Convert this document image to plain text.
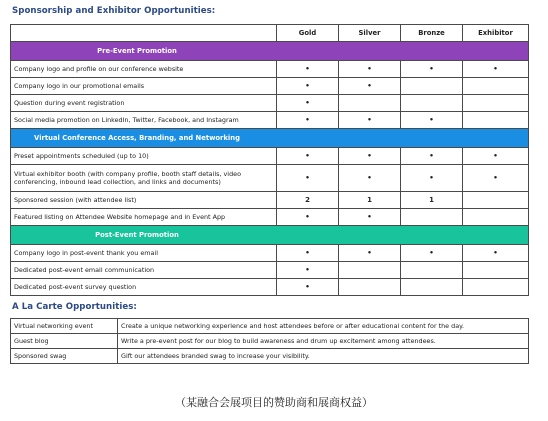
Sponsorship and Exhibitor Opportunities:
	Gold	Silver	Bronze	Exhibitor

Pre-Event Promotion				

Company logo and profile on our conference website	•	•	•	•
Company logo in our promotional emails	•	•		
Question during event registration	•			
Social media promotion on LinkedIn, Twitter, Facebook, and Instagram	•	•	•	

Virtual Conference Access, Branding, and Networking				

Preset appointments scheduled (up to 10)	•	•	•	•
Virtual exhibitor booth (with company profile, booth staff details, video conferencing, inbound lead collection, and links and documents)	•	•	•	•
Sponsored session (with attendee list)	2	1	1	
Featured listing on Attendee Website homepage and in Event App	•	•		

Post-Event Promotion				

Company logo in post-event thank you email	•	•	•	•
Dedicated post-event email communication	•			
Dedicated post-event survey question	•			
A La Carte Opportunities:
Virtual networking event	Create a unique networking experience and host attendees before or after educational content for the day.
Guest blog	Write a pre-event post for our blog to build awareness and drum up excitement among attendees.
Sponsored swag	Gift our attendees branded swag to increase your visibility.

（某融合会展项目的赞助商和展商权益）
